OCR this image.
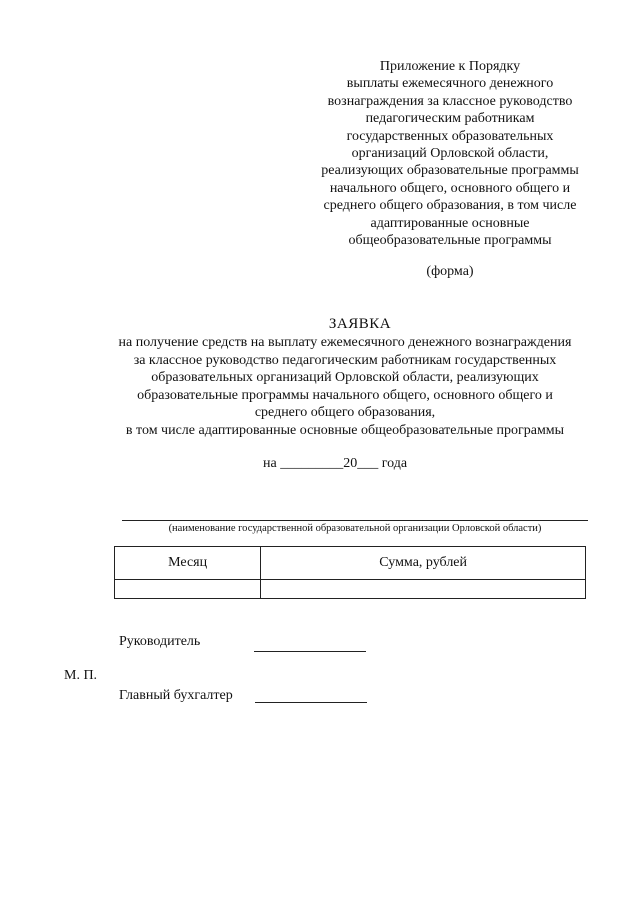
Приложение к Порядку
выплаты ежемесячного денежного
вознаграждения за классное руководство
педагогическим работникам
государственных образовательных
организаций Орловской области,
реализующих образовательные программы
начального общего, основного общего и
среднего общего образования, в том числе
адаптированные основные
общеобразовательные программы
(форма)
ЗАЯВКА
на получение средств на выплату ежемесячного денежного вознаграждения
за классное руководство педагогическим работникам государственных
образовательных организаций Орловской области, реализующих
образовательные программы начального общего, основного общего и
среднего общего образования,
в том числе адаптированные основные общеобразовательные программы
на _________20___ года
(наименование государственной образовательной организации Орловской области)
Месяц	Сумма, рублей

Руководитель
М. П.
Главный бухгалтер
